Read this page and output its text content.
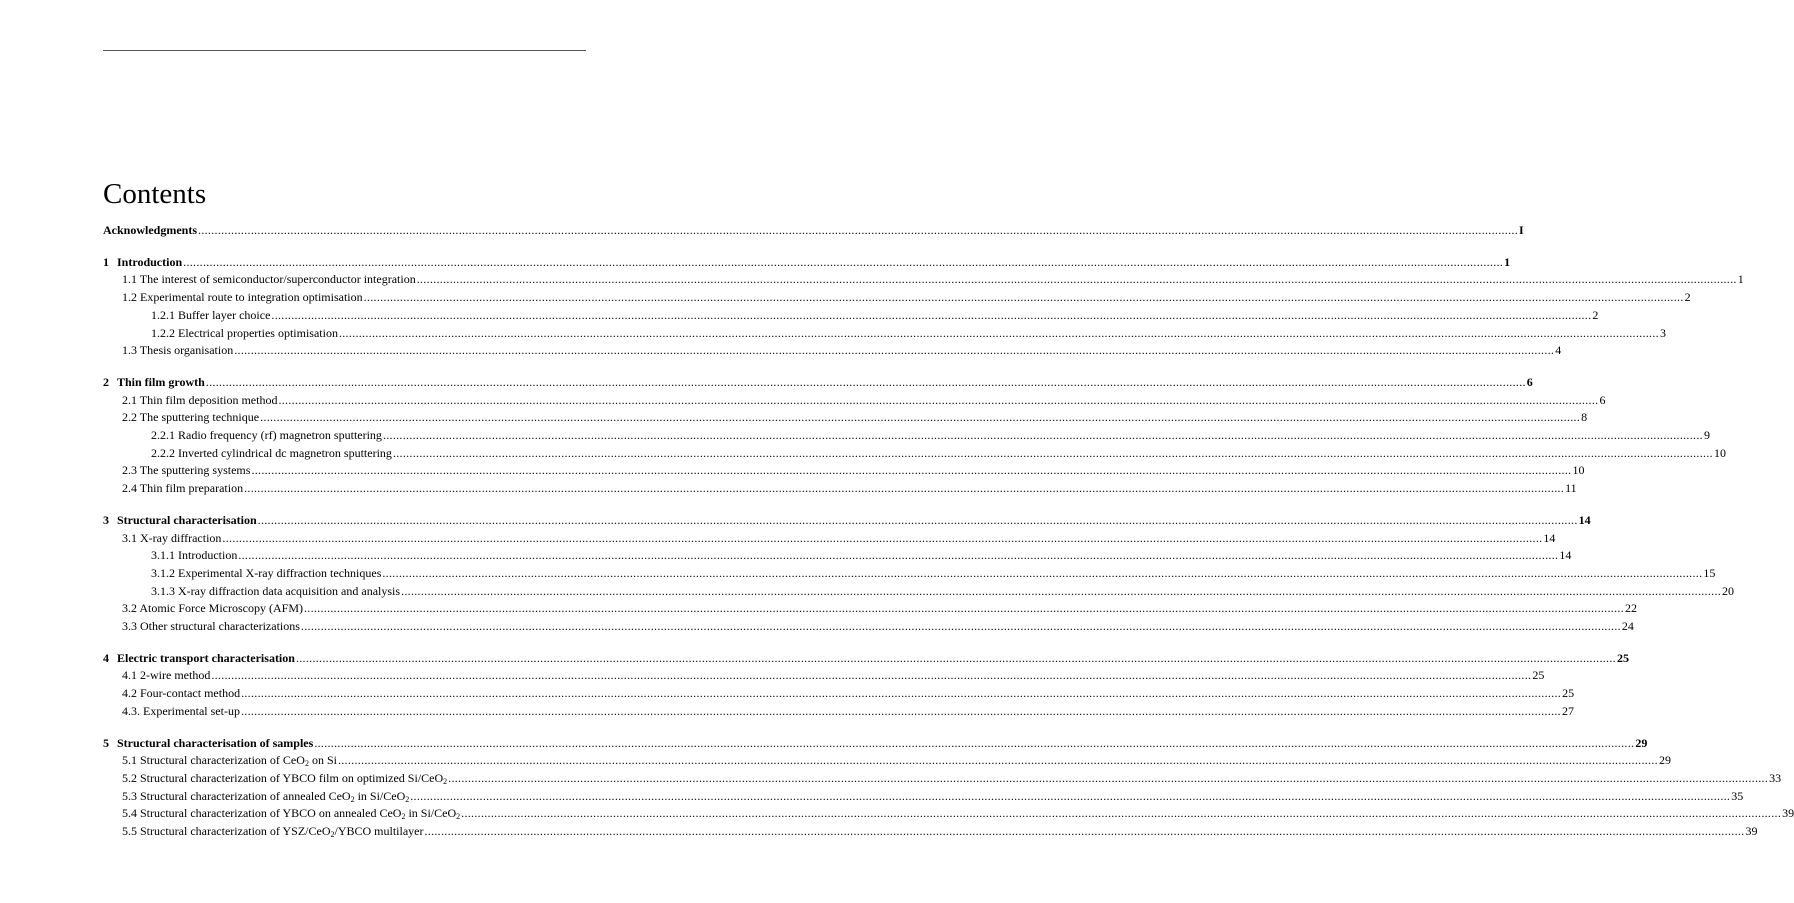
Contents
Acknowledgments ................................................................................................................................................................................................................................................................................................................................................................................................................ I
1 Introduction ................................................................................................................................................................................................................................................................................................................................................................................................................ 1
1.1 The interest of semiconductor/superconductor integration ................................................................................................................................................................................................................................................................................................................................................................................................................ 1
1.2 Experimental route to integration optimisation ................................................................................................................................................................................................................................................................................................................................................................................................................ 2
1.2.1 Buffer layer choice ................................................................................................................................................................................................................................................................................................................................................................................................................ 2
1.2.2 Electrical properties optimisation ................................................................................................................................................................................................................................................................................................................................................................................................................ 3
1.3 Thesis organisation ................................................................................................................................................................................................................................................................................................................................................................................................................ 4
2 Thin film growth ................................................................................................................................................................................................................................................................................................................................................................................................................ 6
2.1 Thin film deposition method ................................................................................................................................................................................................................................................................................................................................................................................................................ 6
2.2 The sputtering technique ................................................................................................................................................................................................................................................................................................................................................................................................................ 8
2.2.1 Radio frequency (rf) magnetron sputtering ................................................................................................................................................................................................................................................................................................................................................................................................................ 9
2.2.2 Inverted cylindrical dc magnetron sputtering ................................................................................................................................................................................................................................................................................................................................................................................................................ 10
2.3 The sputtering systems ................................................................................................................................................................................................................................................................................................................................................................................................................ 10
2.4 Thin film preparation ................................................................................................................................................................................................................................................................................................................................................................................................................ 11
3 Structural characterisation ................................................................................................................................................................................................................................................................................................................................................................................................................ 14
3.1 X-ray diffraction ................................................................................................................................................................................................................................................................................................................................................................................................................ 14
3.1.1 Introduction ................................................................................................................................................................................................................................................................................................................................................................................................................ 14
3.1.2 Experimental X-ray diffraction techniques ................................................................................................................................................................................................................................................................................................................................................................................................................ 15
3.1.3 X-ray diffraction data acquisition and analysis ................................................................................................................................................................................................................................................................................................................................................................................................................ 20
3.2 Atomic Force Microscopy (AFM) ................................................................................................................................................................................................................................................................................................................................................................................................................ 22
3.3 Other structural characterizations ................................................................................................................................................................................................................................................................................................................................................................................................................ 24
4 Electric transport characterisation ................................................................................................................................................................................................................................................................................................................................................................................................................ 25
4.1 2-wire method ................................................................................................................................................................................................................................................................................................................................................................................................................ 25
4.2 Four-contact method ................................................................................................................................................................................................................................................................................................................................................................................................................ 25
4.3. Experimental set-up ................................................................................................................................................................................................................................................................................................................................................................................................................ 27
5 Structural characterisation of samples ................................................................................................................................................................................................................................................................................................................................................................................................................ 29
5.1 Structural characterization of CeO$_2$ on Si ................................................................................................................................................................................................................................................................................................................................................................................................................ 29
5.2 Structural characterization of YBCO film on optimized Si/CeO$_2$ ................................................................................................................................................................................................................................................................................................................................................................................................................ 33
5.3 Structural characterization of annealed CeO$_2$ in Si/CeO$_2$ ................................................................................................................................................................................................................................................................................................................................................................................................................ 35
5.4 Structural characterization of YBCO on annealed CeO$_2$ in Si/CeO$_2$ ................................................................................................................................................................................................................................................................................................................................................................................................................ 39
5.5 Structural characterization of YSZ/CeO$_2$/YBCO multilayer ................................................................................................................................................................................................................................................................................................................................................................................................................ 39
